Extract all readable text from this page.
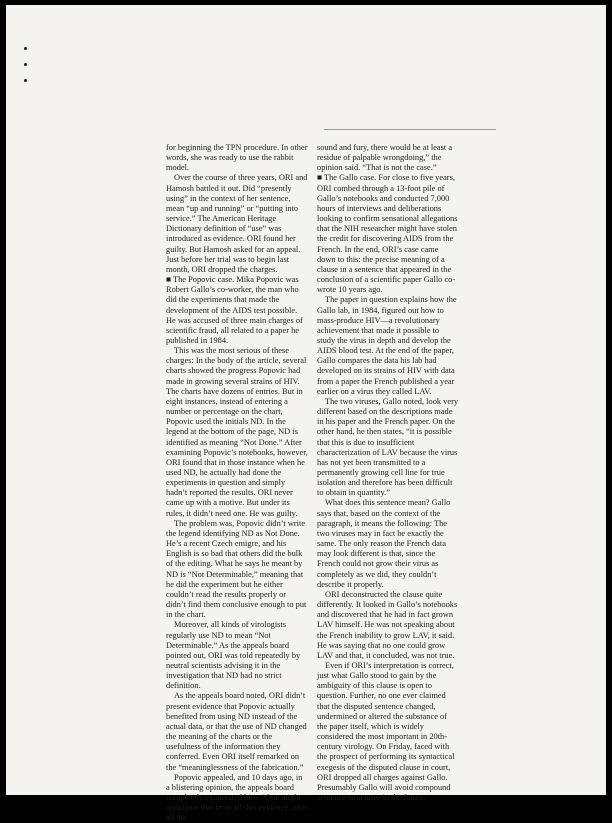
for beginning the TPN procedure. In other words, she was ready to use the rabbit model.

Over the course of three years, ORI and Hamosh battled it out. Did “presently using” in the context of her sentence, mean “up and running” or “putting into service.” The American Heritage Dictionary definition of “use” was introduced as evidence. ORI found her guilty. But Hamosh asked for an appeal. Just before her trial was to begin last month, ORI dropped the charges.

■ The Popovic case. Mika Popovic was Robert Gallo’s co-worker, the man who did the experiments that made the development of the AIDS test possible. He was accused of three main charges of scientific fraud, all related to a paper he published in 1984.

This was the most serious of these charges: In the body of the article, several charts showed the progress Popovic had made in growing several strains of HIV. The charts have dozens of entries. But in eight instances, instead of entering a number or percentage on the chart, Popovic used the initials ND. In the legend at the bottom of the page, ND is identified as meaning “Not Done.” After examining Popovic’s notebooks, however, ORI found that in those instance when he used ND, he actually had done the experiments in question and simply hadn’t reported the results. ORI never came up with a motive. But under its rules, it didn’t need one. He was guilty.

The problem was, Popovic didn’t write the legend identifying ND as Not Done. He’s a recent Czech emigre, and his English is so bad that others did the bulk of the editing. What he says he meant by ND is “Not Determinable,” meaning that he did the experiment but he either couldn’t read the results properly or didn’t find them conclusive enough to put in the chart.

Moreover, all kinds of virologists regularly use ND to mean “Not Determinable.” As the appeals board pointed out, ORI was told repeatedly by neutral scientists advising it in the investigation that ND had no strict definition.

As the appeals board noted, ORI didn’t present evidence that Popovic actually benefited from using ND instead of the actual data, or that the use of ND changed the meaning of the charts or the usefulness of the information they conferred. Even ORI itself remarked on the “meaninglessness of the fabrication.”

Popovic appealed, and 10 days ago, in a blistering opinion, the appeals board completely exonerated him. “One might anticipate that from all this evidence, after all the

sound and fury, there would be at least a residue of palpable wrongdoing,” the opinion said. “That is not the case.”

■ The Gallo case. For close to five years, ORI combed through a 13-foot pile of Gallo’s notebooks and conducted 7,000 hours of interviews and deliberations looking to confirm sensational allegations that the NIH researcher might have stolen the credit for discovering AIDS from the French. In the end, ORI’s case came down to this: the precise meaning of a clause in a sentence that appeared in the conclusion of a scientific paper Gallo co-wrote 10 years ago.

The paper in question explains how the Gallo lab, in 1984, figured out how to mass-produce HIV—a revolutionary achievement that made it possible to study the virus in depth and develop the AIDS blood test. At the end of the paper, Gallo compares the data his lab had developed on its strains of HIV with data from a paper the French published a year earlier on a virus they called LAV.

The two viruses, Gallo noted, look very different based on the descriptions made in his paper and the French paper. On the other hand, he then states, “it is possible that this is due to insufficient characterization of LAV because the virus has not yet been transmitted to a permanently growing cell line for true isolation and therefore has been difficult to obtain in quantity.”

What does this sentence mean? Gallo says that, based on the context of the paragraph, it means the following: The two viruses may in fact be exactly the same. The only reason the French data may look different is that, since the French could not grow their virus as completely as we did, they couldn’t describe it properly.

ORI deconstructed the clause quite differently. It looked in Gallo’s notebooks and discovered that he had in fact grown LAV himself. He was not speaking about the French inability to grow LAV, it said. He was saying that no one could grow LAV and that, it concluded, was not true.

Even if ORI’s interpretation is correct, just what Gallo stood to gain by the ambiguity of this clause is open to question. Further, no one ever claimed that the disputed sentence changed, undermined or altered the substance of the paper itself, which is widely considered the most important in 20th-century virology. On Friday, faced with the prospect of performing its syntactical exegesis of the disputed clause in court, ORI dropped all charges against Gallo. Presumably Gallo will avoid compound sentence structures in the future.
